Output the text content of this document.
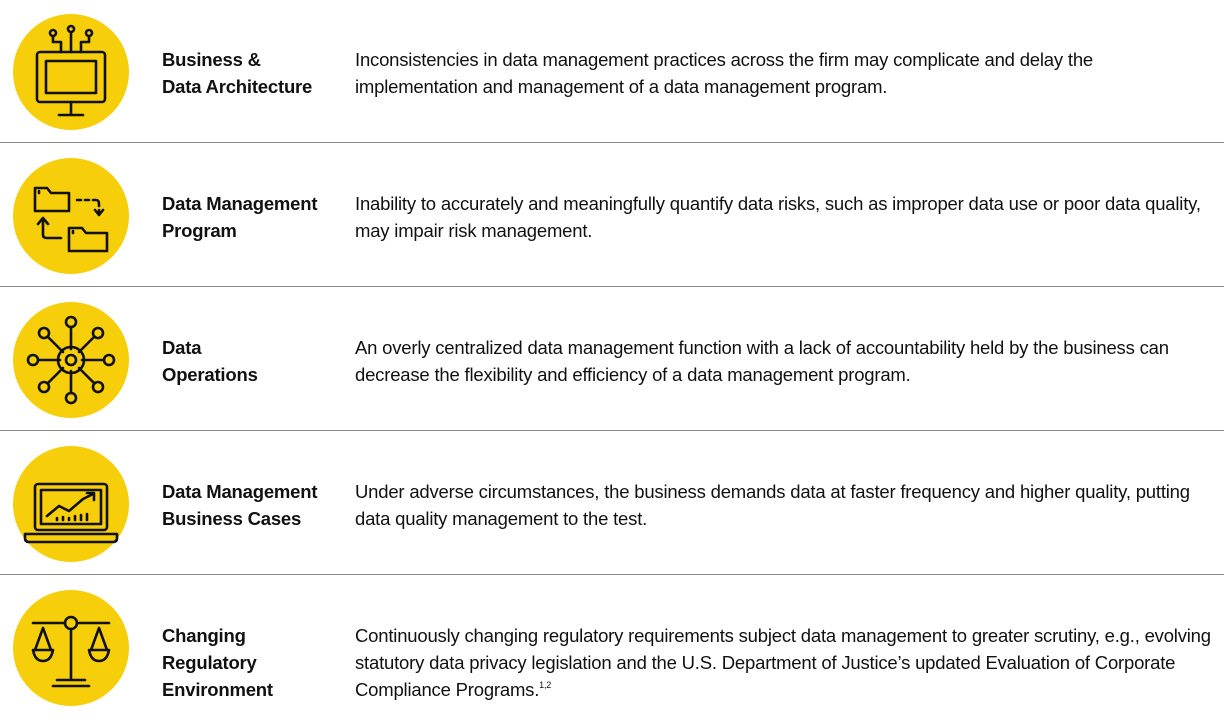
Business &
Data Architecture
Inconsistencies in data management practices across the firm may complicate and delay the implementation and management of a data management program.
Data Management
Program
Inability to accurately and meaningfully quantify data risks, such as improper data use or poor data quality, may impair risk management.
Data
Operations
An overly centralized data management function with a lack of accountability held by the business can decrease the flexibility and efficiency of a data management program.
Data Management
Business Cases
Under adverse circumstances, the business demands data at faster frequency and higher quality, putting data quality management to the test.
Changing
Regulatory
Environment
Continuously changing regulatory requirements subject data management to greater scrutiny, e.g., evolving statutory data privacy legislation and the U.S. Department of Justice’s updated Evaluation of Corporate Compliance Programs.$^{1,2}$
